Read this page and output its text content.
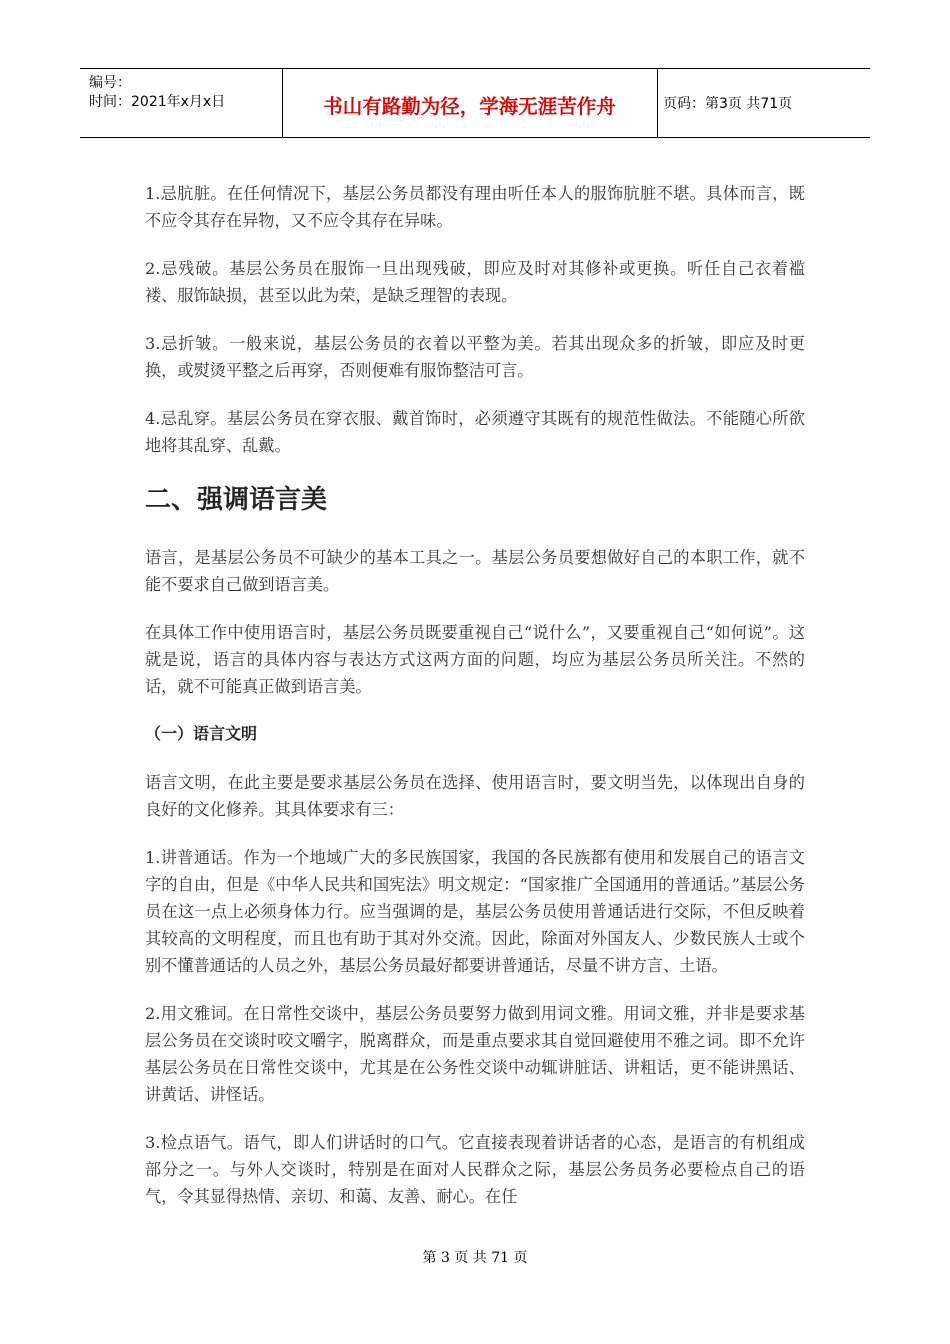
编号：
时间：2021年x月x日	书山有路勤为径，学海无涯苦作舟	页码：第3页 共71页

1.忌肮脏。在任何情况下，基层公务员都没有理由听任本人的服饰肮脏不堪。具体而言，既不应令其存在异物，又不应令其存在异味。

2.忌残破。基层公务员在服饰一旦出现残破，即应及时对其修补或更换。听任自己衣着褴褛、服饰缺损，甚至以此为荣，是缺乏理智的表现。

3.忌折皱。一般来说，基层公务员的衣着以平整为美。若其出现众多的折皱，即应及时更换，或熨烫平整之后再穿，否则便难有服饰整洁可言。

4.忌乱穿。基层公务员在穿衣服、戴首饰时，必须遵守其既有的规范性做法。不能随心所欲地将其乱穿、乱戴。

二、强调语言美

语言，是基层公务员不可缺少的基本工具之一。基层公务员要想做好自己的本职工作，就不能不要求自己做到语言美。

在具体工作中使用语言时，基层公务员既要重视自己“说什么”，又要重视自己“如何说”。这就是说，语言的具体内容与表达方式这两方面的问题，均应为基层公务员所关注。不然的话，就不可能真正做到语言美。

（一）语言文明

语言文明，在此主要是要求基层公务员在选择、使用语言时，要文明当先，以体现出自身的良好的文化修养。其具体要求有三：

1.讲普通话。作为一个地域广大的多民族国家，我国的各民族都有使用和发展自己的语言文字的自由，但是《中华人民共和国宪法》明文规定：“国家推广全国通用的普通话。”基层公务员在这一点上必须身体力行。应当强调的是，基层公务员使用普通话进行交际，不但反映着其较高的文明程度，而且也有助于其对外交流。因此，除面对外国友人、少数民族人士或个别不懂普通话的人员之外，基层公务员最好都要讲普通话，尽量不讲方言、土语。

2.用文雅词。在日常性交谈中，基层公务员要努力做到用词文雅。用词文雅，并非是要求基层公务员在交谈时咬文嚼字，脱离群众，而是重点要求其自觉回避使用不雅之词。即不允许基层公务员在日常性交谈中，尤其是在公务性交谈中动辄讲脏话、讲粗话，更不能讲黑话、讲黄话、讲怪话。

3.检点语气。语气，即人们讲话时的口气。它直接表现着讲话者的心态，是语言的有机组成部分之一。与外人交谈时，特别是在面对人民群众之际，基层公务员务必要检点自己的语气，令其显得热情、亲切、和蔼、友善、耐心。在任

第 3 页 共 71 页
